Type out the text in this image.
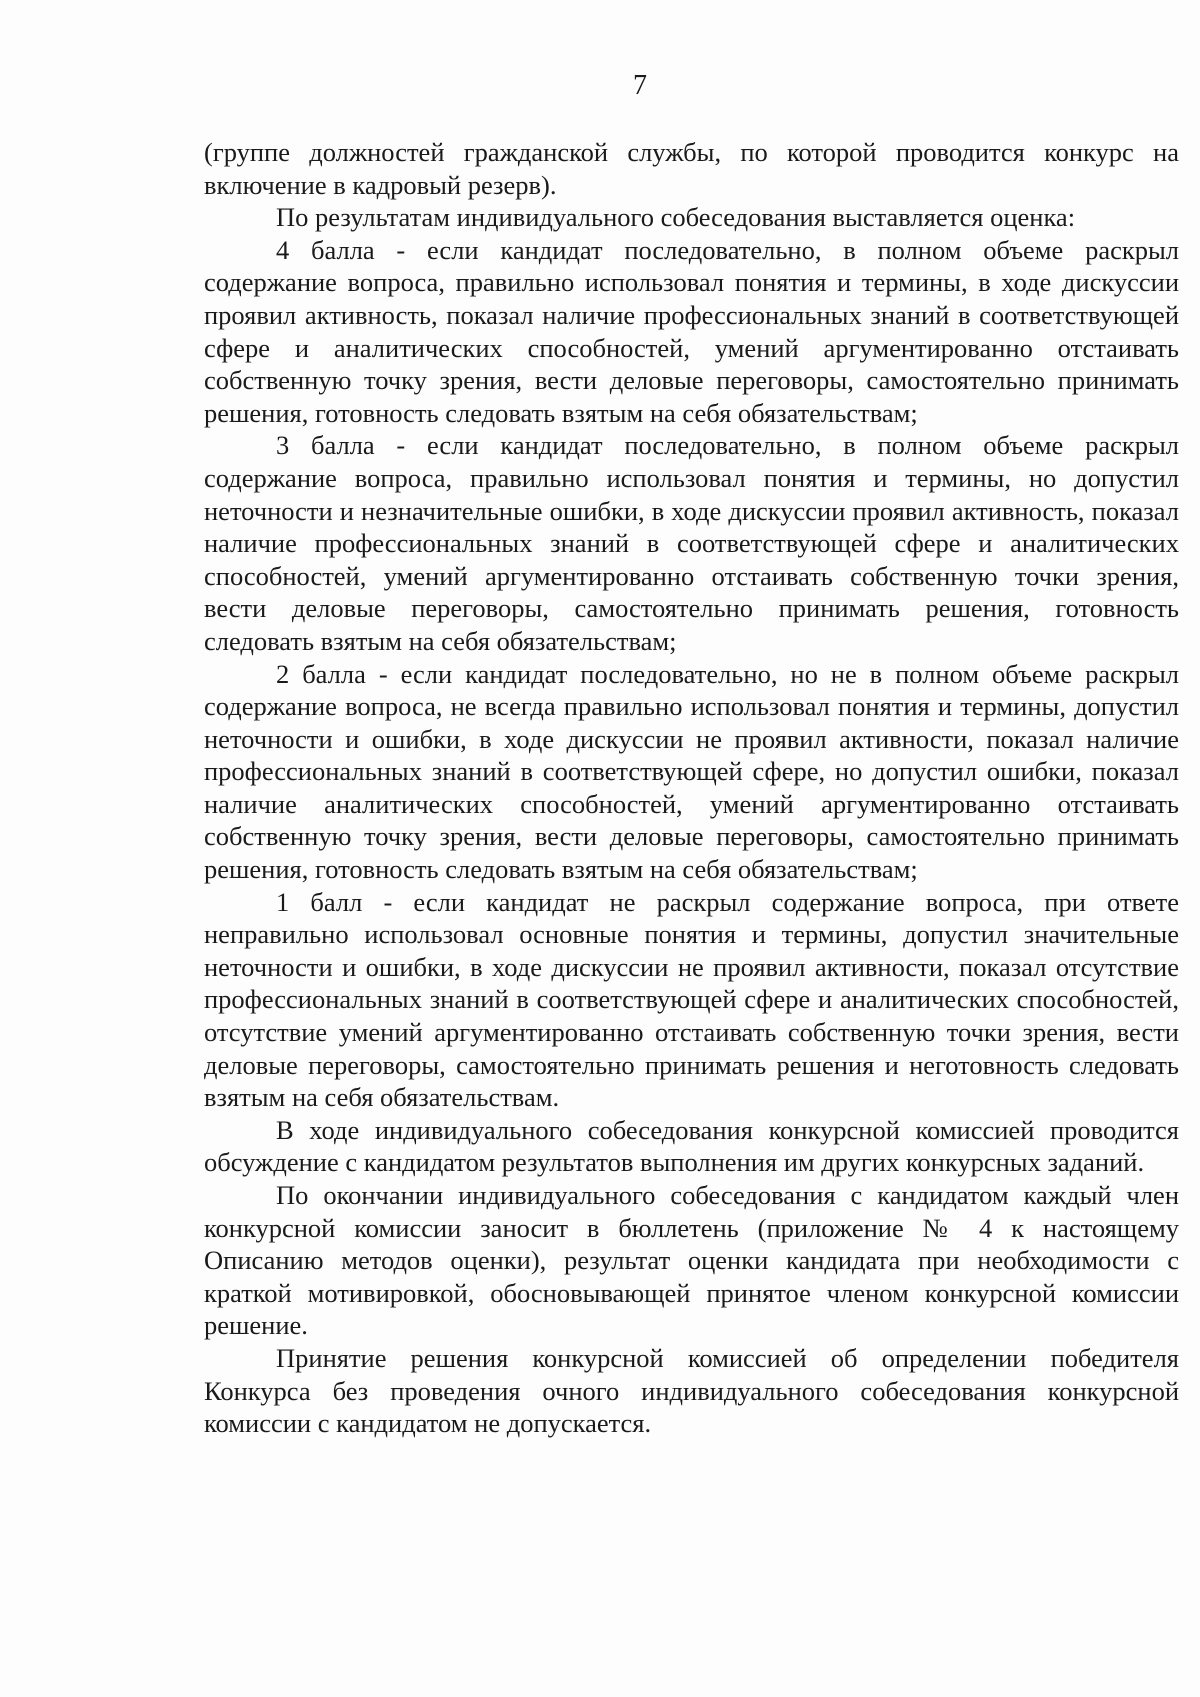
7

(группе должностей гражданской службы, по которой проводится конкурс на включение в кадровый резерв).

По результатам индивидуального собеседования выставляется оценка:

4 балла - если кандидат последовательно, в полном объеме раскрыл содержание вопроса, правильно использовал понятия и термины, в ходе дискуссии проявил активность, показал наличие профессиональных знаний в соответствующей сфере и аналитических способностей, умений аргументированно отстаивать собственную точку зрения, вести деловые переговоры, самостоятельно принимать решения, готовность следовать взятым на себя обязательствам;

3 балла - если кандидат последовательно, в полном объеме раскрыл содержание вопроса, правильно использовал понятия и термины, но допустил неточности и незначительные ошибки, в ходе дискуссии проявил активность, показал наличие профессиональных знаний в соответствующей сфере и аналитических способностей, умений аргументированно отстаивать собственную точки зрения, вести деловые переговоры, самостоятельно принимать решения, готовность следовать взятым на себя обязательствам;

2 балла - если кандидат последовательно, но не в полном объеме раскрыл содержание вопроса, не всегда правильно использовал понятия и термины, допустил неточности и ошибки, в ходе дискуссии не проявил активности, показал наличие профессиональных знаний в соответствующей сфере, но допустил ошибки, показал наличие аналитических способностей, умений аргументированно отстаивать собственную точку зрения, вести деловые переговоры, самостоятельно принимать решения, готовность следовать взятым на себя обязательствам;

1 балл - если кандидат не раскрыл содержание вопроса, при ответе неправильно использовал основные понятия и термины, допустил значительные неточности и ошибки, в ходе дискуссии не проявил активности, показал отсутствие профессиональных знаний в соответствующей сфере и аналитических способностей, отсутствие умений аргументированно отстаивать собственную точки зрения, вести деловые переговоры, самостоятельно принимать решения и неготовность следовать взятым на себя обязательствам.

В ходе индивидуального собеседования конкурсной комиссией проводится обсуждение с кандидатом результатов выполнения им других конкурсных заданий.

По окончании индивидуального собеседования с кандидатом каждый член конкурсной комиссии заносит в бюллетень (приложение № 4 к настоящему Описанию методов оценки), результат оценки кандидата при необходимости с краткой мотивировкой, обосновывающей принятое членом конкурсной комиссии решение.

Принятие решения конкурсной комиссией об определении победителя Конкурса без проведения очного индивидуального собеседования конкурсной комиссии с кандидатом не допускается.
